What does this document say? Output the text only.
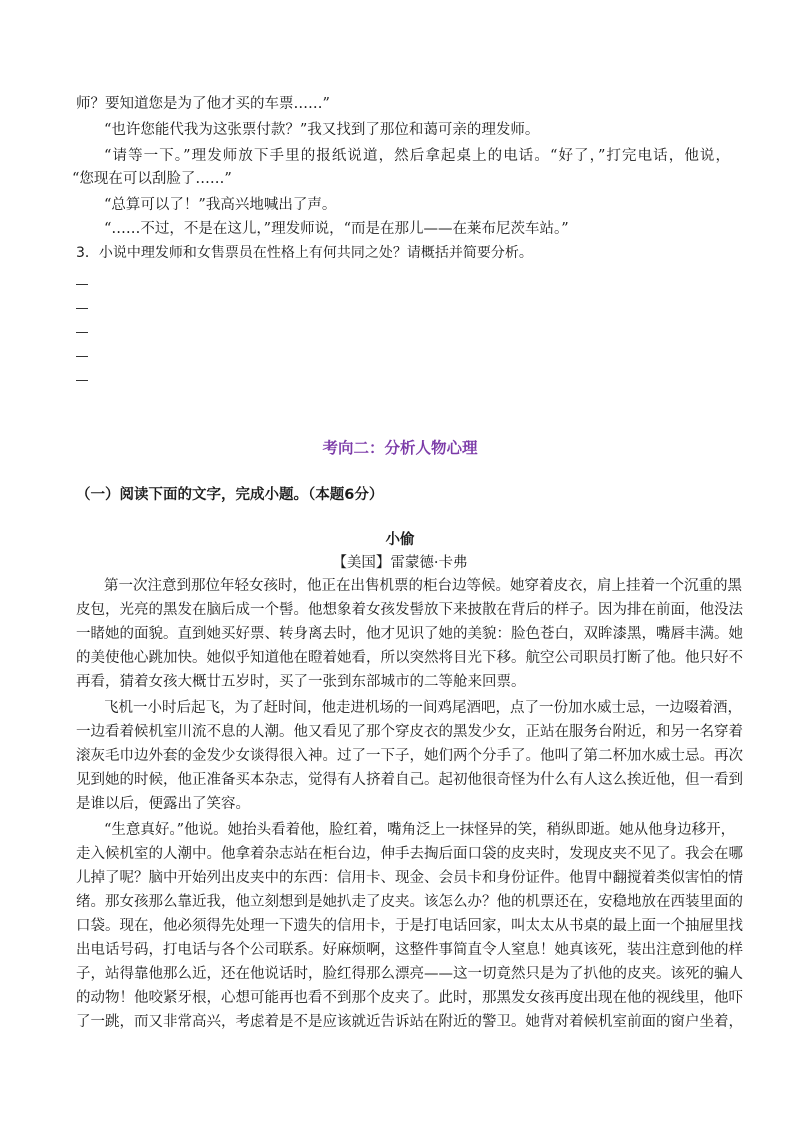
师？要知道您是为了他才买的车票……”
“也许您能代我为这张票付款？”我又找到了那位和蔼可亲的理发师。
“请等一下。”理发师放下手里的报纸说道，然后拿起桌上的电话。“好了，”打完电话，他说，
“您现在可以刮脸了……”
“总算可以了！”我高兴地喊出了声。
“……不过，不是在这儿，”理发师说，“而是在那儿——在莱布尼茨车站。”
3．小说中理发师和女售票员在性格上有何共同之处？请概括并简要分析。
考向二：分析人物心理
（一）阅读下面的文字，完成小题。（本题6分）
小偷
【美国】雷蒙德·卡弗
第一次注意到那位年轻女孩时，他正在出售机票的柜台边等候。她穿着皮衣，肩上挂着一个沉重的黑
皮包，光亮的黑发在脑后成一个髻。他想象着女孩发髻放下来披散在背后的样子。因为排在前面，他没法
一睹她的面貌。直到她买好票、转身离去时，他才见识了她的美貌：脸色苍白，双眸漆黑，嘴唇丰满。她
的美使他心跳加快。她似乎知道他在瞪着她看，所以突然将目光下移。航空公司职员打断了他。他只好不
再看，猜着女孩大概廿五岁时，买了一张到东部城市的二等舱来回票。
飞机一小时后起飞，为了赶时间，他走进机场的一间鸡尾酒吧，点了一份加水威士忌，一边啜着酒，
一边看着候机室川流不息的人潮。他又看见了那个穿皮衣的黑发少女，正站在服务台附近，和另一名穿着
滚灰毛巾边外套的金发少女谈得很入神。过了一下子，她们两个分手了。他叫了第二杯加水威士忌。再次
见到她的时候，他正准备买本杂志，觉得有人挤着自己。起初他很奇怪为什么有人这么挨近他，但一看到
是谁以后，便露出了笑容。
“生意真好。”他说。她抬头看着他，脸红着，嘴角泛上一抹怪异的笑，稍纵即逝。她从他身边移开，
走入候机室的人潮中。他拿着杂志站在柜台边，伸手去掏后面口袋的皮夹时，发现皮夹不见了。我会在哪
儿掉了呢？脑中开始列出皮夹中的东西：信用卡、现金、会员卡和身份证件。他胃中翻搅着类似害怕的情
绪。那女孩那么靠近我，他立刻想到是她扒走了皮夹。该怎么办？他的机票还在，安稳地放在西装里面的
口袋。现在，他必须得先处理一下遗失的信用卡，于是打电话回家，叫太太从书桌的最上面一个抽屉里找
出电话号码，打电话与各个公司联系。好麻烦啊，这整件事简直令人窒息！她真该死，装出注意到他的样
子，站得靠他那么近，还在他说话时，脸红得那么漂亮——这一切竟然只是为了扒他的皮夹。该死的骗人
的动物！他咬紧牙根，心想可能再也看不到那个皮夹了。此时，那黑发女孩再度出现在他的视线里，他吓
了一跳，而又非常高兴，考虑着是不是应该就近告诉站在附近的警卫。她背对着候机室前面的窗户坐着，
